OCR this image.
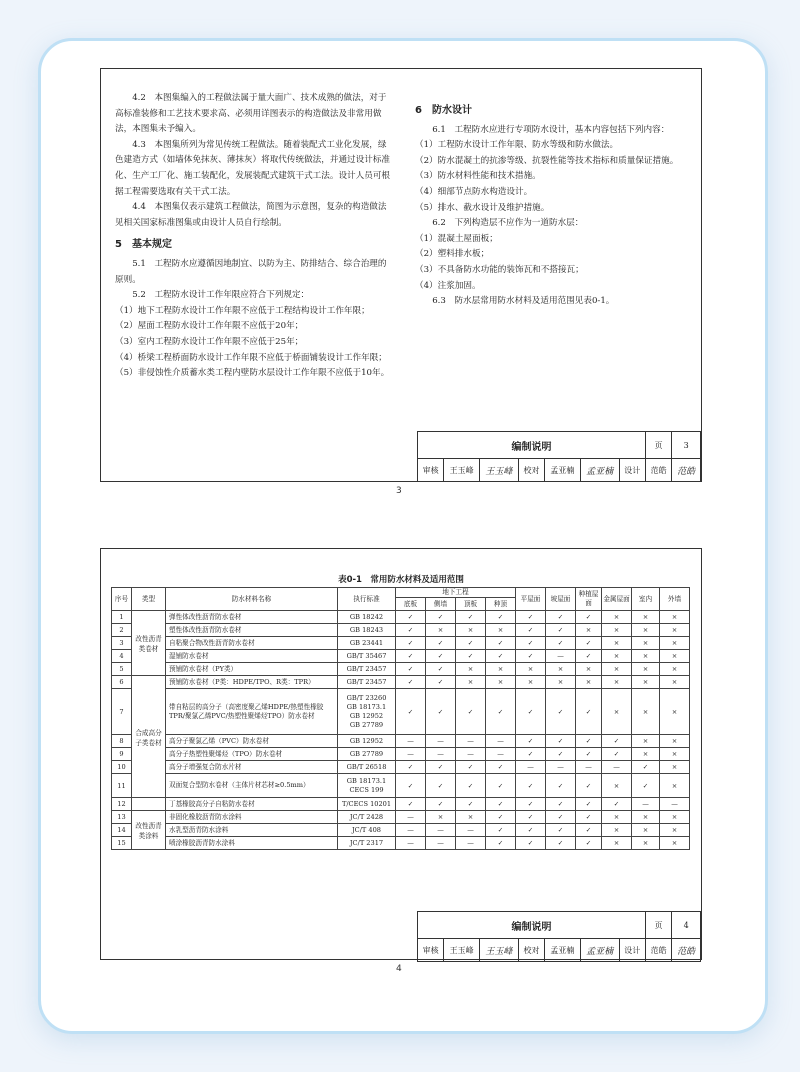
4.2　本图集编入的工程做法属于量大面广、技术成熟的做法，对于高标准装修和工艺技术要求高、必须用详图表示的构造做法及非常用做法，本图集未予编入。

4.3　本图集所列为常见传统工程做法。随着装配式工业化发展，绿色建造方式（如墙体免抹灰、薄抹灰）将取代传统做法，并通过设计标准化、生产工厂化、施工装配化，发展装配式建筑干式工法。设计人员可根据工程需要选取有关干式工法。

4.4　本图集仅表示建筑工程做法，简图为示意图，复杂的构造做法见相关国家标准图集或由设计人员自行绘制。

5　基本规定

5.1　工程防水应遵循因地制宜、以防为主、防排结合、综合治理的原则。

5.2　工程防水设计工作年限应符合下列规定：

（1）地下工程防水设计工作年限不应低于工程结构设计工作年限；

（2）屋面工程防水设计工作年限不应低于20年；

（3）室内工程防水设计工作年限不应低于25年；

（4）桥梁工程桥面防水设计工作年限不应低于桥面铺装设计工作年限；

（5）非侵蚀性介质蓄水类工程内壁防水层设计工作年限不应低于10年。

6　防水设计

6.1　工程防水应进行专项防水设计，基本内容包括下列内容：

（1）工程防水设计工作年限、防水等级和防水做法。

（2）防水混凝土的抗渗等级、抗裂性能等技术指标和质量保证措施。

（3）防水材料性能和技术措施。

（4）细部节点防水构造设计。

（5）排水、截水设计及维护措施。

6.2　下列构造层不应作为一道防水层：

（1）混凝土屋面板；

（2）塑料排水板；

（3）不具备防水功能的装饰瓦和不搭接瓦；

（4）注浆加固。

6.3　防水层常用防水材料及适用范围见表0-1。

编制说明							页	3
审核	王玉峰	王玉峰	校对	孟亚楠	孟亚楠	设计	范皓	范皓
3
表0-1　常用防水材料及适用范围
序号	类型	防水材料名称	执行标准	地下工程				平屋面	坡屋面	种植屋面	金属屋面	室内	外墙
				底板	侧墙	顶板	种顶						
1	改性沥青类卷材	弹性体改性沥青防水卷材	GB 18242	✓	✓	✓	✓	✓	✓	✓	×	×	×
2		塑性体改性沥青防水卷材	GB 18243	✓	×	×	×	✓	✓	×	×	×	×
3		自粘聚合物改性沥青防水卷材	GB 23441	✓	✓	✓	✓	✓	✓	✓	×	×	×
4		湿铺防水卷材	GB/T 35467	✓	✓	✓	✓	✓	—	✓	×	×	×
5		预铺防水卷材（PY类）	GB/T 23457	✓	✓	×	×	×	×	×	×	×	×
6	合成高分子类卷材	预铺防水卷材（P类：HDPE/TPO、R类：TPR）	GB/T 23457	✓	✓	×	×	×	×	×	×	×	×
7		带自粘层的高分子（高密度聚乙烯HDPE/热塑性橡胶TPR/聚氯乙烯PVC/热塑性聚烯烃TPO）防水卷材	GB/T 23260
GB 18173.1
GB 12952
GB 27789	✓	✓	✓	✓	✓	✓	✓	×	×	×
8		高分子聚氯乙烯（PVC）防水卷材	GB 12952	—	—	—	—	✓	✓	✓	✓	×	×
9		高分子热塑性聚烯烃（TPO）防水卷材	GB 27789	—	—	—	—	✓	✓	✓	✓	×	×
10		高分子增强复合防水片材	GB/T 26518	✓	✓	✓	✓	—	—	—	—	✓	×
11		双面复合型防水卷材（主体片材芯材≥0.5mm）	GB 18173.1
CECS 199	✓	✓	✓	✓	✓	✓	✓	×	✓	×
12		丁基橡胶高分子自粘防水卷材	T/CECS 10201	✓	✓	✓	✓	✓	✓	✓	✓	—	—
13	改性沥青类涂料	非固化橡胶沥青防水涂料	JC/T 2428	—	×	×	✓	✓	✓	✓	×	×	×
14		水乳型沥青防水涂料	JC/T 408	—	—	—	✓	✓	✓	✓	×	×	×
15		喷涂橡胶沥青防水涂料	JC/T 2317	—	—	—	✓	✓	✓	✓	×	×	×
编制说明							页	4
审核	王玉峰	王玉峰	校对	孟亚楠	孟亚楠	设计	范皓	范皓
4
